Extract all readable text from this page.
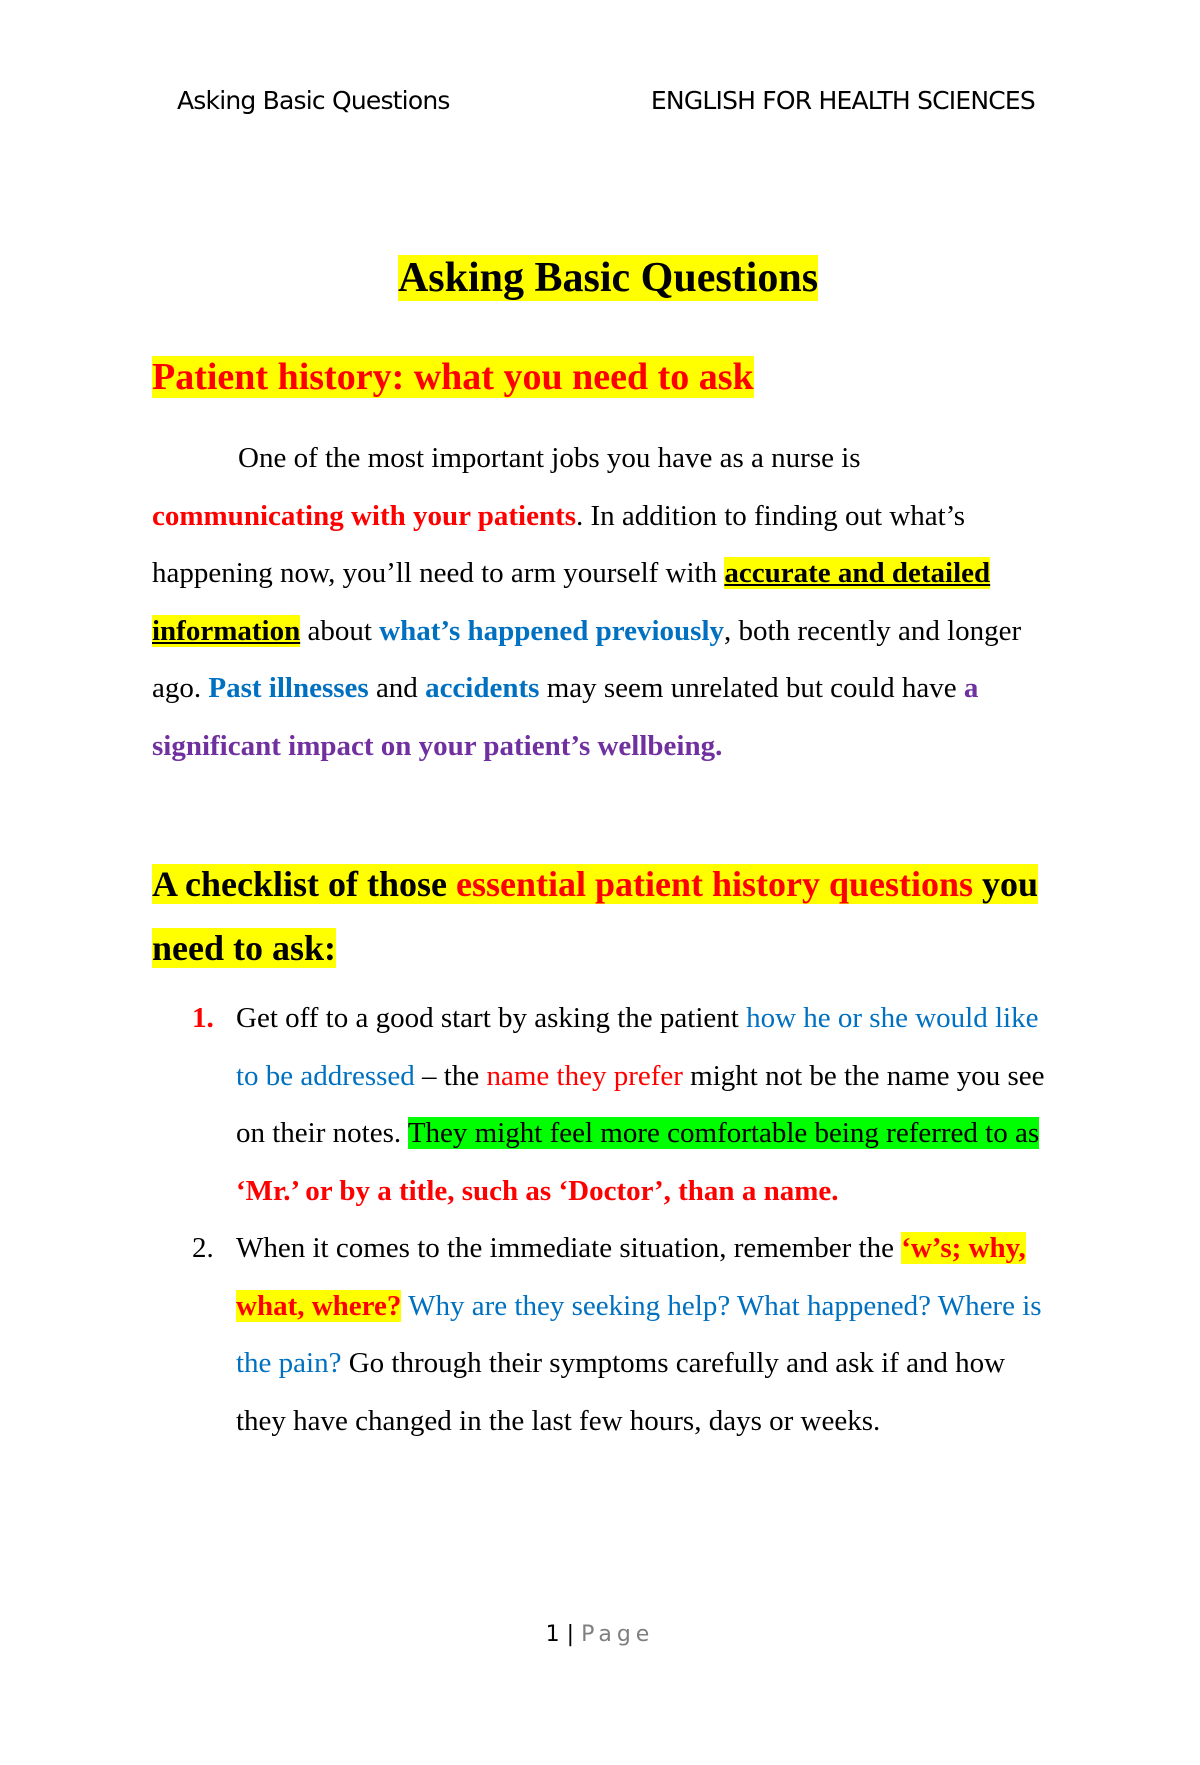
Asking Basic Questions	ENGLISH FOR HEALTH SCIENCES
Asking Basic Questions
Patient history: what you need to ask

One of the most important jobs you have as a nurse is communicating with your patients. In addition to finding out what’s happening now, you’ll need to arm yourself with accurate and detailed information about what’s happened previously, both recently and longer ago. Past illnesses and accidents may seem unrelated but could have a significant impact on your patient’s wellbeing.

A checklist of those essential patient history questions you need to ask:
1. Get off to a good start by asking the patient how he or she would like to be addressed – the name they prefer might not be the name you see on their notes. They might feel more comfortable being referred to as ‘Mr.’ or by a title, such as ‘Doctor’, than a name.
2. When it comes to the immediate situation, remember the ‘w’s; why, what, where? Why are they seeking help? What happened? Where is the pain? Go through their symptoms carefully and ask if and how they have changed in the last few hours, days or weeks.
1 | Page
